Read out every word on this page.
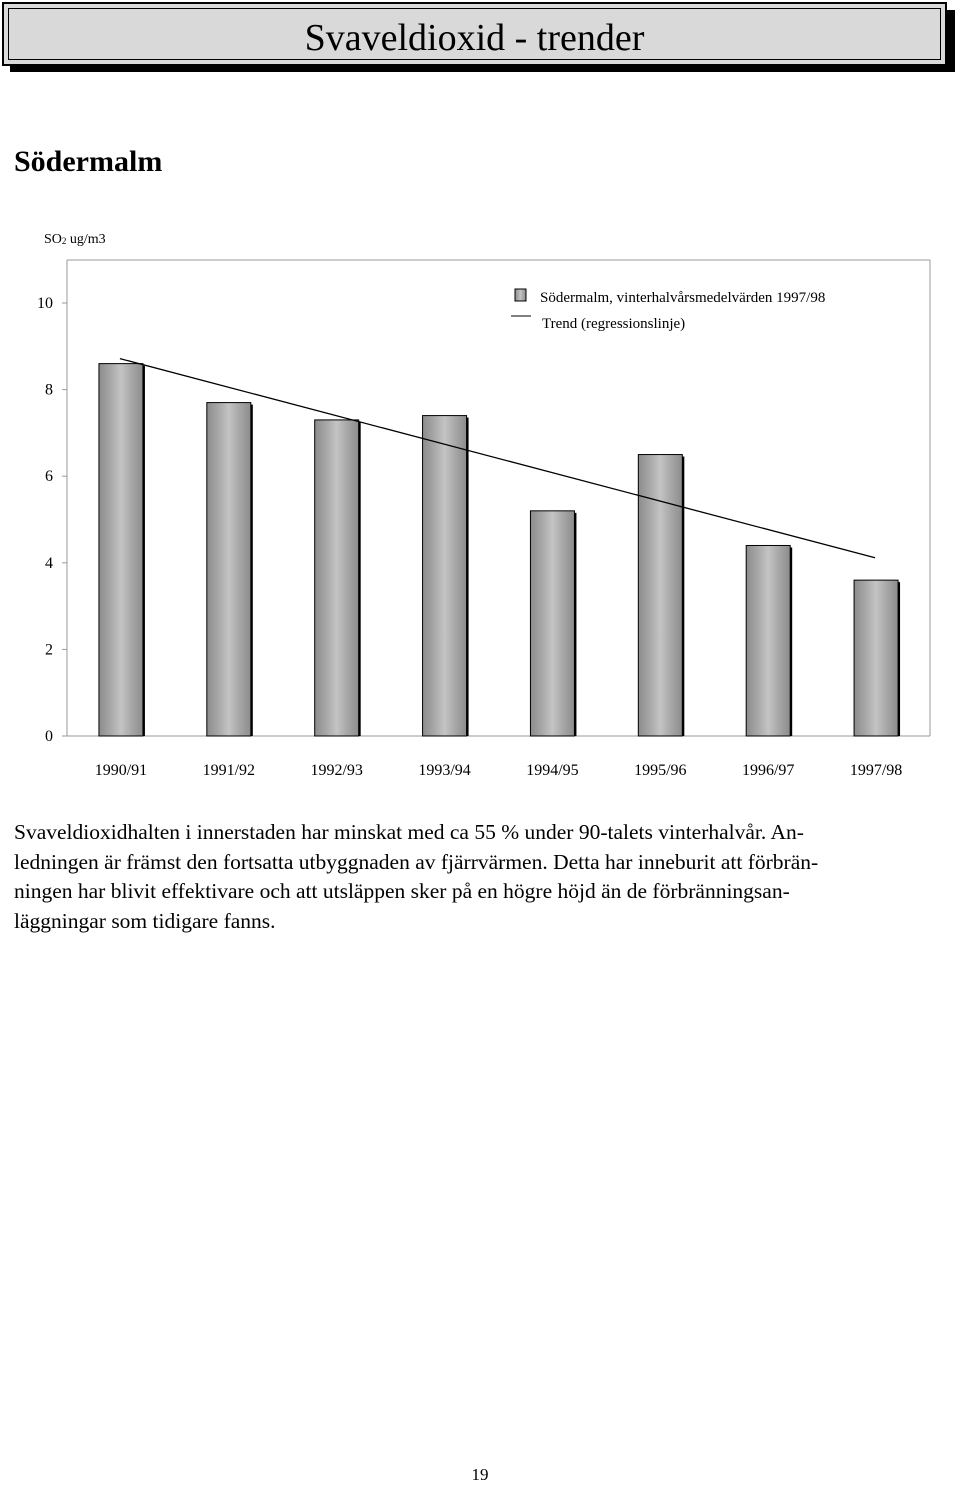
Svaveldioxid - trender
Södermalm
$SO_2$ ug/m3
0
2
4
6
8
10
1990/91	1991/92	1992/93	1993/94	1994/95	1995/96	1996/97	1997/98
Södermalm, vinterhalvårsmedelvärden 1997/98
Trend (regressionslinje)

Svaveldioxidhalten i innerstaden har minskat med ca 55 % under 90-talets vinterhalvår. An-

ledningen är främst den fortsatta utbyggnaden av fjärrvärmen. Detta har inneburit att förbrän-

ningen har blivit effektivare och att utsläppen sker på en högre höjd än de förbränningsan-

läggningar som tidigare fanns.

19
